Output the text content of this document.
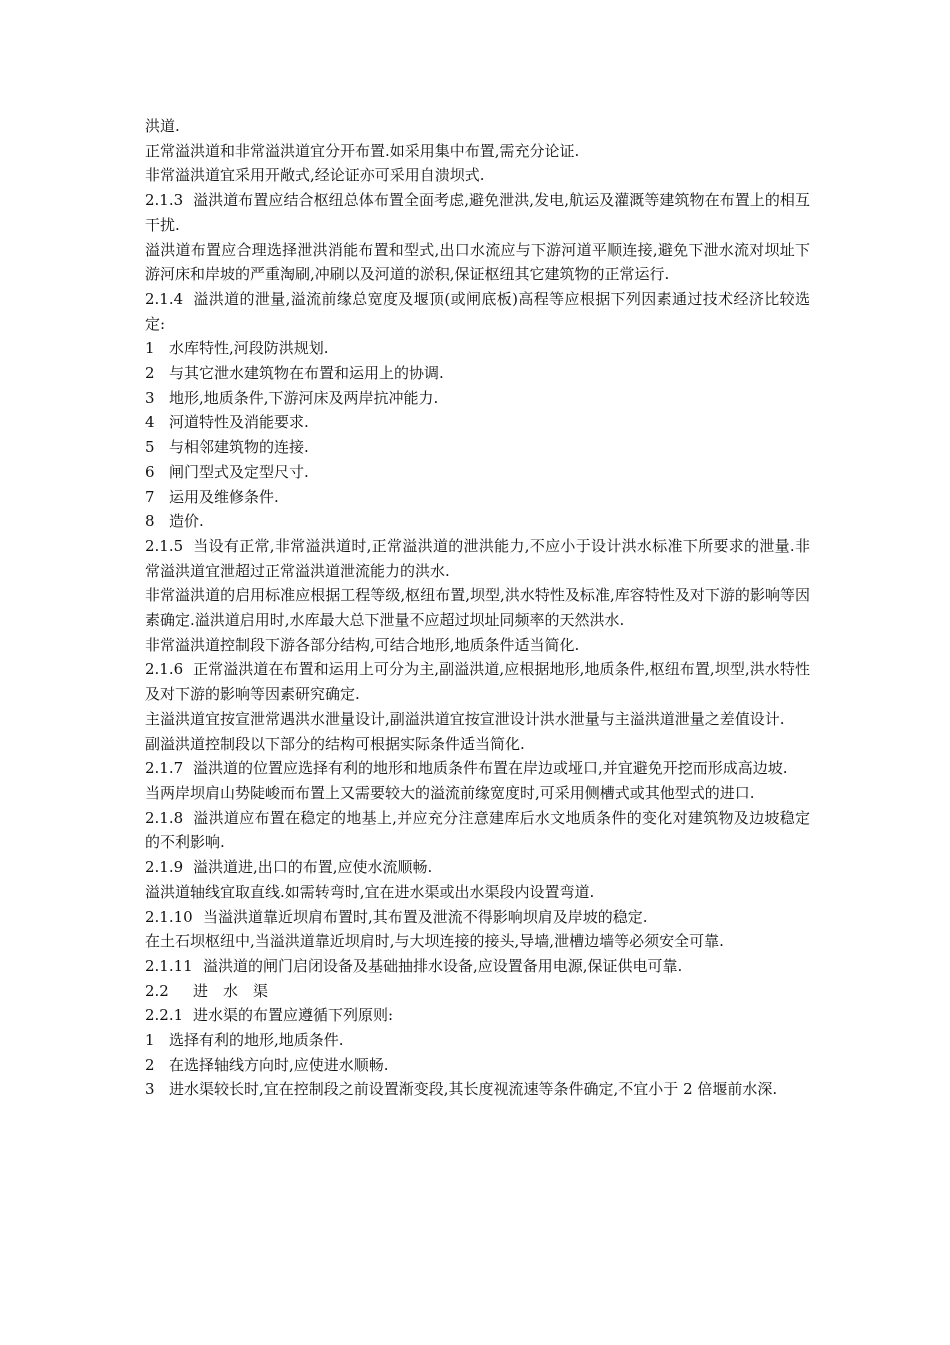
洪道.

正常溢洪道和非常溢洪道宜分开布置.如采用集中布置,需充分论证.

非常溢洪道宜采用开敞式,经论证亦可采用自溃坝式.

2.1.3 溢洪道布置应结合枢纽总体布置全面考虑,避免泄洪,发电,航运及灌溉等建筑物在布置上的相互干扰.

溢洪道布置应合理选择泄洪消能布置和型式,出口水流应与下游河道平顺连接,避免下泄水流对坝址下游河床和岸坡的严重淘刷,冲刷以及河道的淤积,保证枢纽其它建筑物的正常运行.

2.1.4 溢洪道的泄量,溢流前缘总宽度及堰顶(或闸底板)高程等应根据下列因素通过技术经济比较选定:

1 水库特性,河段防洪规划.

2 与其它泄水建筑物在布置和运用上的协调.

3 地形,地质条件,下游河床及两岸抗冲能力.

4 河道特性及消能要求.

5 与相邻建筑物的连接.

6 闸门型式及定型尺寸.

7 运用及维修条件.

8 造价.

2.1.5 当设有正常,非常溢洪道时,正常溢洪道的泄洪能力,不应小于设计洪水标准下所要求的泄量.非常溢洪道宜泄超过正常溢洪道泄流能力的洪水.

非常溢洪道的启用标准应根据工程等级,枢纽布置,坝型,洪水特性及标准,库容特性及对下游的影响等因素确定.溢洪道启用时,水库最大总下泄量不应超过坝址同频率的天然洪水.

非常溢洪道控制段下游各部分结构,可结合地形,地质条件适当简化.

2.1.6 正常溢洪道在布置和运用上可分为主,副溢洪道,应根据地形,地质条件,枢纽布置,坝型,洪水特性及对下游的影响等因素研究确定.

主溢洪道宜按宣泄常遇洪水泄量设计,副溢洪道宜按宣泄设计洪水泄量与主溢洪道泄量之差值设计.

副溢洪道控制段以下部分的结构可根据实际条件适当简化.

2.1.7 溢洪道的位置应选择有利的地形和地质条件布置在岸边或垭口,并宜避免开挖而形成高边坡.

当两岸坝肩山势陡峻而布置上又需要较大的溢流前缘宽度时,可采用侧槽式或其他型式的进口.

2.1.8 溢洪道应布置在稳定的地基上,并应充分注意建库后水文地质条件的变化对建筑物及边坡稳定的不利影响.

2.1.9 溢洪道进,出口的布置,应使水流顺畅.

溢洪道轴线宜取直线.如需转弯时,宜在进水渠或出水渠段内设置弯道.

2.1.10 当溢洪道靠近坝肩布置时,其布置及泄流不得影响坝肩及岸坡的稳定.

在土石坝枢纽中,当溢洪道靠近坝肩时,与大坝连接的接头,导墙,泄槽边墙等必须安全可靠.

2.1.11 溢洪道的闸门启闭设备及基础抽排水设备,应设置备用电源,保证供电可靠.

2.2 进　水　渠

2.2.1 进水渠的布置应遵循下列原则:

1 选择有利的地形,地质条件.

2 在选择轴线方向时,应使进水顺畅.

3 进水渠较长时,宜在控制段之前设置渐变段,其长度视流速等条件确定,不宜小于 2 倍堰前水深.
